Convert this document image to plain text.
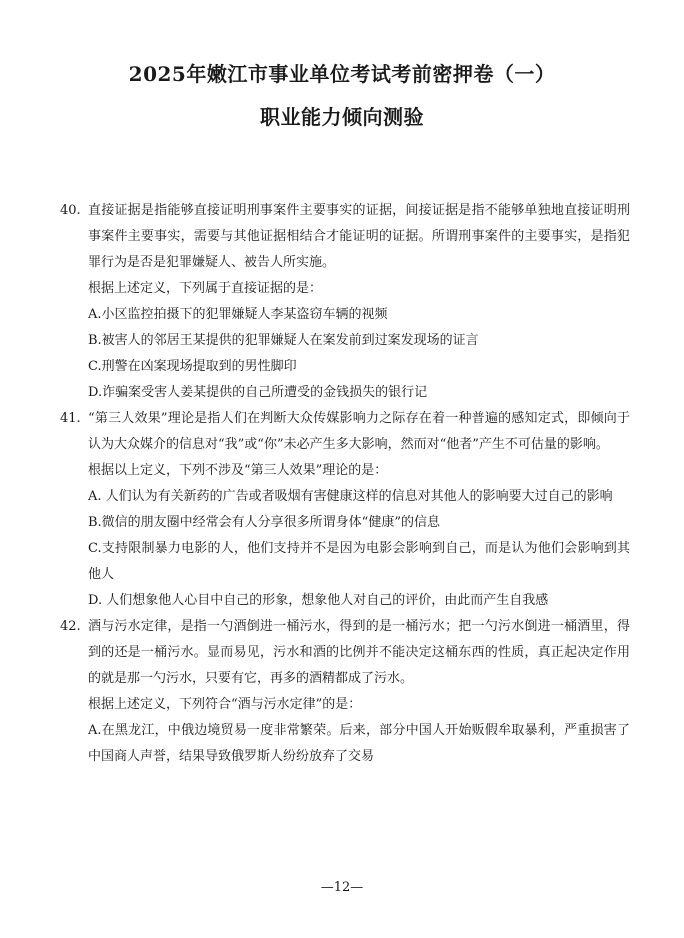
2025年嫩江市事业单位考试考前密押卷（一）
职业能力倾向测验
40. 直接证据是指能够直接证明刑事案件主要事实的证据，间接证据是指不能够单独地直接证明刑事案件主要事实，需要与其他证据相结合才能证明的证据。所谓刑事案件的主要事实，是指犯罪行为是否是犯罪嫌疑人、被告人所实施。
根据上述定义，下列属于直接证据的是：
A.小区监控拍摄下的犯罪嫌疑人李某盗窃车辆的视频
B.被害人的邻居王某提供的犯罪嫌疑人在案发前到过案发现场的证言
C.刑警在凶案现场提取到的男性脚印
D.诈骗案受害人姜某提供的自己所遭受的金钱损失的银行记
41. “第三人效果”理论是指人们在判断大众传媒影响力之际存在着一种普遍的感知定式，即倾向于认为大众媒介的信息对“我”或“你”未必产生多大影响，然而对“他者”产生不可估量的影响。
根据以上定义，下列不涉及“第三人效果”理论的是：
A. 人们认为有关新药的广告或者吸烟有害健康这样的信息对其他人的影响要大过自己的影响
B.微信的朋友圈中经常会有人分享很多所谓身体“健康”的信息
C.支持限制暴力电影的人，他们支持并不是因为电影会影响到自己，而是认为他们会影响到其他人
D. 人们想象他人心目中自己的形象，想象他人对自己的评价，由此而产生自我感
42. 酒与污水定律，是指一勺酒倒进一桶污水，得到的是一桶污水；把一勺污水倒进一桶酒里，得到的还是一桶污水。显而易见，污水和酒的比例并不能决定这桶东西的性质，真正起决定作用的就是那一勺污水，只要有它，再多的酒精都成了污水。
根据上述定义，下列符合“酒与污水定律”的是：
A.在黑龙江，中俄边境贸易一度非常繁荣。后来，部分中国人开始贩假牟取暴利，严重损害了中国商人声誉，结果导致俄罗斯人纷纷放弃了交易
—12—
